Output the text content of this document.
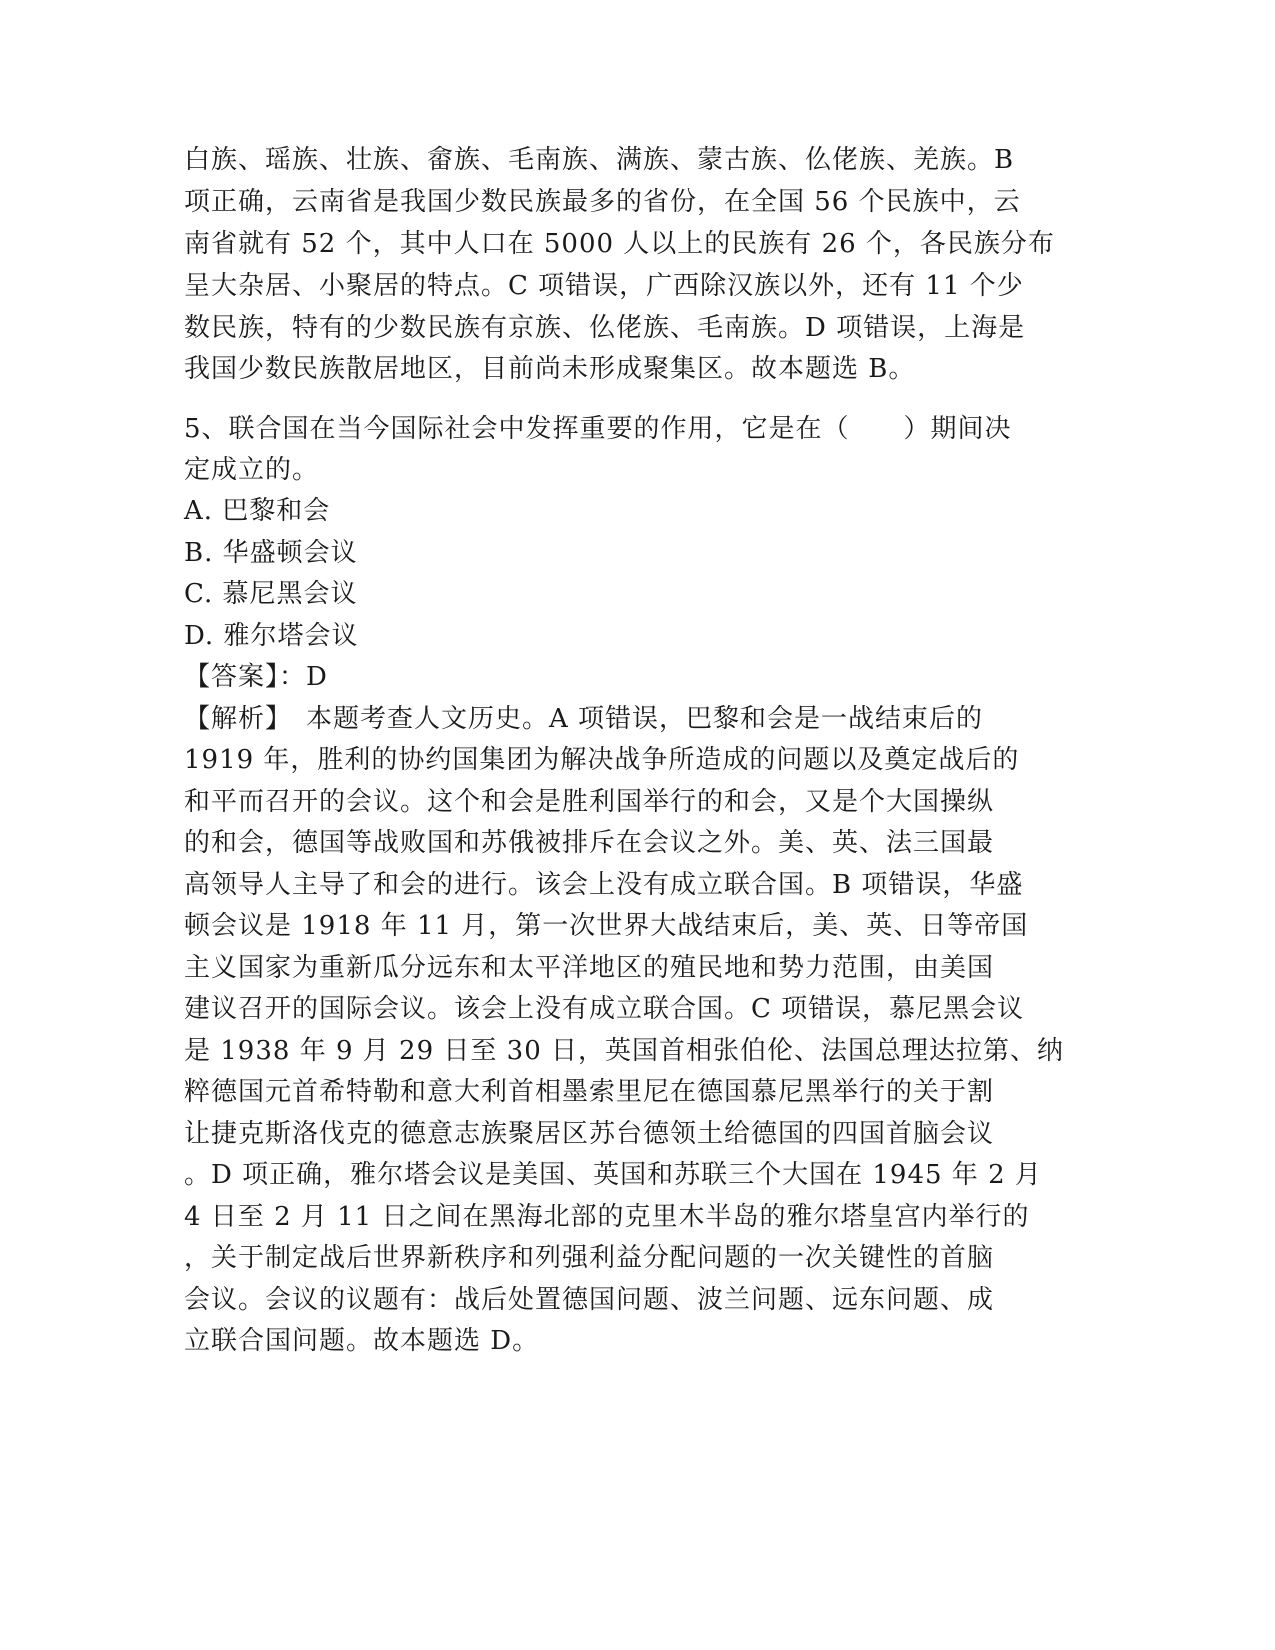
白族、瑶族、壮族、畲族、毛南族、满族、蒙古族、仫佬族、羌族。B
项正确，云南省是我国少数民族最多的省份，在全国 56 个民族中，云
南省就有 52 个，其中人口在 5000 人以上的民族有 26 个，各民族分布
呈大杂居、小聚居的特点。C 项错误，广西除汉族以外，还有 11 个少
数民族，特有的少数民族有京族、仫佬族、毛南族。D 项错误，上海是
我国少数民族散居地区，目前尚未形成聚集区。故本题选 B。
5、联合国在当今国际社会中发挥重要的作用，它是在（　　）期间决
定成立的。
A. 巴黎和会
B. 华盛顿会议
C. 慕尼黑会议
D. 雅尔塔会议
【答案】：D
【解析】　本题考查人文历史。A 项错误，巴黎和会是一战结束后的
1919 年，胜利的协约国集团为解决战争所造成的问题以及奠定战后的
和平而召开的会议。这个和会是胜利国举行的和会，又是个大国操纵
的和会，德国等战败国和苏俄被排斥在会议之外。美、英、法三国最
高领导人主导了和会的进行。该会上没有成立联合国。B 项错误，华盛
顿会议是 1918 年 11 月，第一次世界大战结束后，美、英、日等帝国
主义国家为重新瓜分远东和太平洋地区的殖民地和势力范围，由美国
建议召开的国际会议。该会上没有成立联合国。C 项错误，慕尼黑会议
是 1938 年 9 月 29 日至 30 日，英国首相张伯伦、法国总理达拉第、纳
粹德国元首希特勒和意大利首相墨索里尼在德国慕尼黑举行的关于割
让捷克斯洛伐克的德意志族聚居区苏台德领土给德国的四国首脑会议
。D 项正确，雅尔塔会议是美国、英国和苏联三个大国在 1945 年 2 月
4 日至 2 月 11 日之间在黑海北部的克里木半岛的雅尔塔皇宫内举行的
，关于制定战后世界新秩序和列强利益分配问题的一次关键性的首脑
会议。会议的议题有：战后处置德国问题、波兰问题、远东问题、成
立联合国问题。故本题选 D。
